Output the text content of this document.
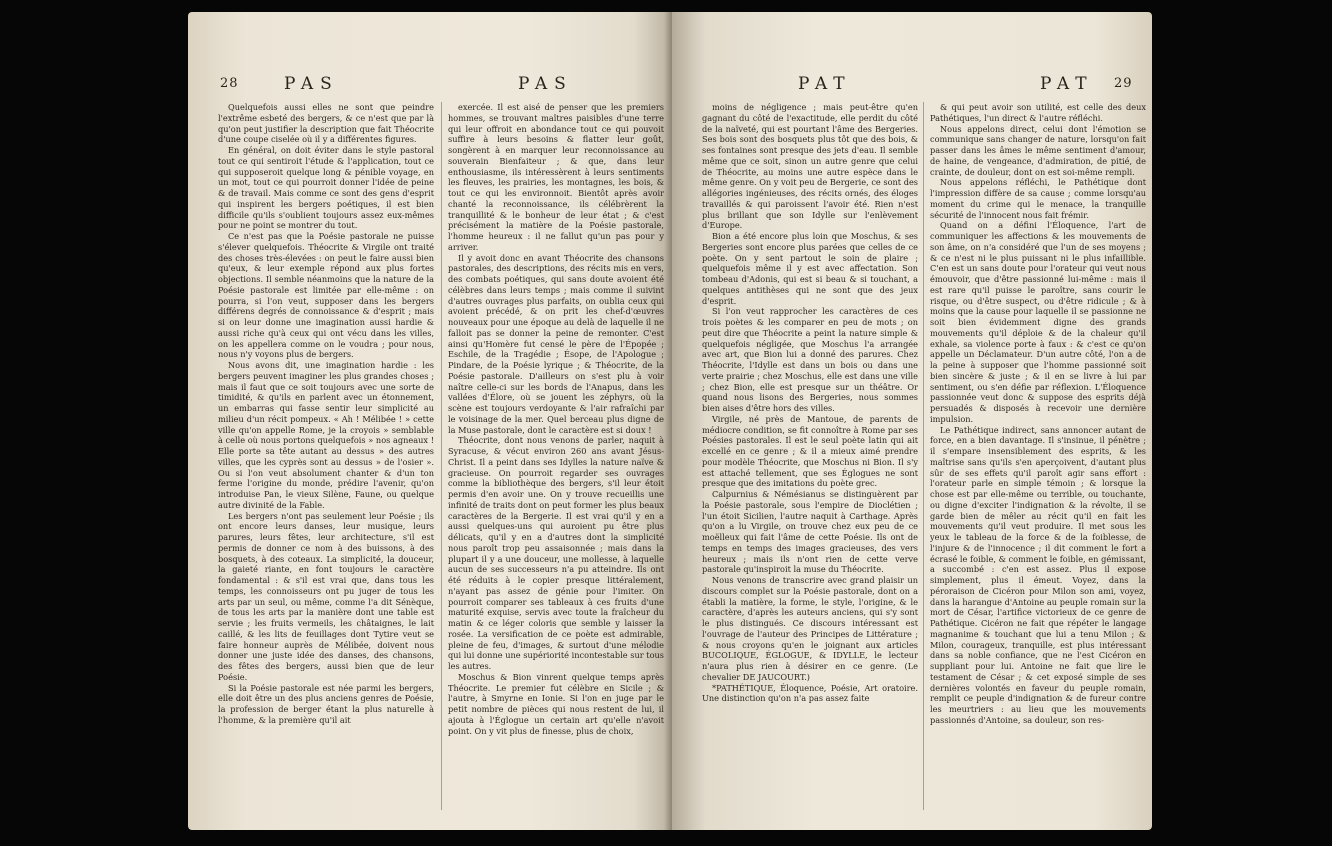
28	PAS	PAS

Quelquefois aussi elles ne sont que peindre l'extrême esbeté des bergers, & ce n'est que par là qu'on peut justifier la description que fait Théocrite d'une coupe ciselée où il y a différentes figures.

En général, on doit éviter dans le style pastoral tout ce qui sentiroit l'étude & l'application, tout ce qui supposeroit quelque long & pénible voyage, en un mot, tout ce qui pourroit donner l'idée de peine & de travail. Mais comme ce sont des gens d'esprit qui inspirent les bergers poétiques, il est bien difficile qu'ils s'oublient toujours assez eux-mêmes pour ne point se montrer du tout.

Ce n'est pas que la Poésie pastorale ne puisse s'élever quelquefois. Théocrite & Virgile ont traité des choses très-élevées : on peut le faire aussi bien qu'eux, & leur exemple répond aux plus fortes objections. Il semble néanmoins que la nature de la Poésie pastorale est limitée par elle-même : on pourra, si l'on veut, supposer dans les bergers différens degrés de connoissance & d'esprit ; mais si on leur donne une imagination aussi hardie & aussi riche qu'à ceux qui ont vécu dans les villes, on les appellera comme on le voudra ; pour nous, nous n'y voyons plus de bergers.

Nous avons dit, une imagination hardie : les bergers peuvent imaginer les plus grandes choses ; mais il faut que ce soit toujours avec une sorte de timidité, & qu'ils en parlent avec un étonnement, un embarras qui fasse sentir leur simplicité au milieu d'un récit pompeux. « Ah ! Mélibée ! » cette ville qu'on appelle Rome, je la croyois » semblable à celle où nous portons quelquefois » nos agneaux ! Elle porte sa tête autant au dessus » des autres villes, que les cyprès sont au dessus » de l'osier ». Ou si l'on veut absolument chanter & d'un ton ferme l'origine du monde, prédire l'avenir, qu'on introduise Pan, le vieux Silène, Faune, ou quelque autre divinité de la Fable.

Les bergers n'ont pas seulement leur Poésie ; ils ont encore leurs danses, leur musique, leurs parures, leurs fêtes, leur architecture, s'il est permis de donner ce nom à des buissons, à des bosquets, à des coteaux. La simplicité, la douceur, la gaieté riante, en font toujours le caractère fondamental : & s'il est vrai que, dans tous les temps, les connoisseurs ont pu juger de tous les arts par un seul, ou même, comme l'a dit Sénèque, de tous les arts par la manière dont une table est servie ; les fruits vermeils, les châtaignes, le lait caillé, & les lits de feuillages dont Tytire veut se faire honneur auprès de Mélibée, doivent nous donner une juste idée des danses, des chansons, des fêtes des bergers, aussi bien que de leur Poésie.

Si la Poésie pastorale est née parmi les bergers, elle doit être un des plus anciens genres de Poésie, la profession de berger étant la plus naturelle à l'homme, & la première qu'il ait

exercée. Il est aisé de penser que les premiers hommes, se trouvant maîtres paisibles d'une terre qui leur offroit en abondance tout ce qui pouvoit suffire à leurs besoins & flatter leur goût, songèrent à en marquer leur reconnoissance au souverain Bienfaiteur ; & que, dans leur enthousiasme, ils intéressèrent à leurs sentiments les fleuves, les prairies, les montagnes, les bois, & tout ce qui les environnoit. Bientôt après avoir chanté la reconnoissance, ils célébrèrent la tranquillité & le bonheur de leur état ; & c'est précisément la matière de la Poésie pastorale, l'homme heureux : il ne fallut qu'un pas pour y arriver.

Il y avoit donc en avant Théocrite des chansons pastorales, des descriptions, des récits mis en vers, des combats poétiques, qui sans doute avoient été célèbres dans leurs temps ; mais comme il suivint d'autres ouvrages plus parfaits, on oublia ceux qui avoient précédé, & on prit les chef-d'œuvres nouveaux pour une époque au delà de laquelle il ne falloit pas se donner la peine de remonter. C'est ainsi qu'Homère fut censé le père de l'Épopée ; Eschile, de la Tragédie ; Ésope, de l'Apologue ; Pindare, de la Poésie lyrique ; & Théocrite, de la Poésie pastorale. D'ailleurs on s'est plu à voir naître celle-ci sur les bords de l'Anapus, dans les vallées d'Élore, où se jouent les zéphyrs, où la scène est toujours verdoyante & l'air rafraîchi par le voisinage de la mer. Quel berceau plus digne de la Muse pastorale, dont le caractère est si doux !

Théocrite, dont nous venons de parler, naquit à Syracuse, & vécut environ 260 ans avant Jésus-Christ. Il a peint dans ses Idylles la nature naïve & gracieuse. On pourroit regarder ses ouvrages comme la bibliothèque des bergers, s'il leur étoit permis d'en avoir une. On y trouve recueillis une infinité de traits dont on peut former les plus beaux caractères de la Bergerie. Il est vrai qu'il y en a aussi quelques-uns qui auroient pu être plus délicats, qu'il y en a d'autres dont la simplicité nous paroît trop peu assaisonnée ; mais dans la plupart il y a une douceur, une mollesse, à laquelle aucun de ses successeurs n'a pu atteindre. Ils ont été réduits à le copier presque littéralement, n'ayant pas assez de génie pour l'imiter. On pourroit comparer ses tableaux à ces fruits d'une maturité exquise, servis avec toute la fraîcheur du matin & ce léger coloris que semble y laisser la rosée. La versification de ce poète est admirable, pleine de feu, d'images, & surtout d'une mélodie qui lui donne une supériorité incontestable sur tous les autres.

Moschus & Bion vinrent quelque temps après Théocrite. Le premier fut célèbre en Sicile ; & l'autre, à Smyrne en Ionie. Si l'on en juge par le petit nombre de pièces qui nous restent de lui, il ajouta à l'Églogue un certain art qu'elle n'avoit point. On y vit plus de finesse, plus de choix,

PAT	PAT 29

moins de négligence ; mais peut-être qu'en gagnant du côté de l'exactitude, elle perdit du côté de la naïveté, qui est pourtant l'âme des Bergeries. Ses bois sont des bosquets plus tôt que des bois, & ses fontaines sont presque des jets d'eau. Il semble même que ce soit, sinon un autre genre que celui de Théocrite, au moins une autre espèce dans le même genre. On y voit peu de Bergerie, ce sont des allégories ingénieuses, des récits ornés, des éloges travaillés & qui paroissent l'avoir été. Rien n'est plus brillant que son Idylle sur l'enlèvement d'Europe.

Bion a été encore plus loin que Moschus, & ses Bergeries sont encore plus parées que celles de ce poète. On y sent partout le soin de plaire ; quelquefois même il y est avec affectation. Son tombeau d'Adonis, qui est si beau & si touchant, a quelques antithèses qui ne sont que des jeux d'esprit.

Si l'on veut rapprocher les caractères de ces trois poètes & les comparer en peu de mots ; on peut dire que Théocrite a peint la nature simple & quelquefois négligée, que Moschus l'a arrangée avec art, que Bion lui a donné des parures. Chez Théocrite, l'Idylle est dans un bois ou dans une verte prairie ; chez Moschus, elle est dans une ville ; chez Bion, elle est presque sur un théâtre. Or quand nous lisons des Bergeries, nous sommes bien aises d'être hors des villes.

Virgile, né près de Mantoue, de parents de médiocre condition, se fit connoître à Rome par ses Poésies pastorales. Il est le seul poète latin qui ait excellé en ce genre ; & il a mieux aimé prendre pour modèle Théocrite, que Moschus ni Bion. Il s'y est attaché tellement, que ses Églogues ne sont presque que des imitations du poète grec.

Calpurnius & Némésianus se distinguèrent par la Poésie pastorale, sous l'empire de Dioclétien ; l'un étoit Sicilien, l'autre naquit à Carthage. Après qu'on a lu Virgile, on trouve chez eux peu de ce moëlleux qui fait l'âme de cette Poésie. Ils ont de temps en temps des images gracieuses, des vers heureux ; mais ils n'ont rien de cette verve pastorale qu'inspiroit la muse du Théocrite.

Nous venons de transcrire avec grand plaisir un discours complet sur la Poésie pastorale, dont on a établi la matière, la forme, le style, l'origine, & le caractère, d'après les auteurs anciens, qui s'y sont le plus distingués. Ce discours intéressant est l'ouvrage de l'auteur des Principes de Littérature ; & nous croyons qu'en le joignant aux articles BUCOLIQUE, ÉGLOGUE, & IDYLLE, le lecteur n'aura plus rien à désirer en ce genre. (Le chevalier DE JAUCOURT.)

*PATHÉTIQUE, Éloquence, Poésie, Art oratoire. Une distinction qu'on n'a pas assez faite

& qui peut avoir son utilité, est celle des deux Pathétiques, l'un direct & l'autre réfléchi.

Nous appelons direct, celui dont l'émotion se communique sans changer de nature, lorsqu'on fait passer dans les âmes le même sentiment d'amour, de haine, de vengeance, d'admiration, de pitié, de crainte, de douleur, dont on est soi-même rempli.

Nous appelons réfléchi, le Pathétique dont l'impression diffère de sa cause ; comme lorsqu'au moment du crime qui le menace, la tranquille sécurité de l'innocent nous fait frémir.

Quand on a défini l'Éloquence, l'art de communiquer les affections & les mouvements de son âme, on n'a considéré que l'un de ses moyens ; & ce n'est ni le plus puissant ni le plus infaillible. C'en est un sans doute pour l'orateur qui veut nous émouvoir, que d'être passionné lui-même : mais il est rare qu'il puisse le paroître, sans courir le risque, ou d'être suspect, ou d'être ridicule ; & à moins que la cause pour laquelle il se passionne ne soit bien évidemment digne des grands mouvements qu'il déploie & de la chaleur qu'il exhale, sa violence porte à faux : & c'est ce qu'on appelle un Déclamateur. D'un autre côté, l'on a de la peine à supposer que l'homme passionné soit bien sincère & juste ; & il en se livre à lui par sentiment, ou s'en défie par réflexion. L'Éloquence passionnée veut donc & suppose des esprits déjà persuadés & disposés à recevoir une dernière impulsion.

Le Pathétique indirect, sans annoncer autant de force, en a bien davantage. Il s'insinue, il pénètre ; il s'empare insensiblement des esprits, & les maîtrise sans qu'ils s'en aperçoivent, d'autant plus sûr de ses effets qu'il paroît agir sans effort : l'orateur parle en simple témoin ; & lorsque la chose est par elle-même ou terrible, ou touchante, ou digne d'exciter l'indignation & la révolte, il se garde bien de mêler au récit qu'il en fait les mouvements qu'il veut produire. Il met sous les yeux le tableau de la force & de la foiblesse, de l'injure & de l'innocence ; il dit comment le fort a écrasé le foible, & comment le foible, en gémissant, a succombé : c'en est assez. Plus il expose simplement, plus il émeut. Voyez, dans la péroraison de Cicéron pour Milon son ami, voyez, dans la harangue d'Antoine au peuple romain sur la mort de César, l'artifice victorieux de ce genre de Pathétique. Cicéron ne fait que répéter le langage magnanime & touchant que lui a tenu Milon ; & Milon, courageux, tranquille, est plus intéressant dans sa noble confiance, que ne l'est Cicéron en suppliant pour lui. Antoine ne fait que lire le testament de César ; & cet exposé simple de ses dernières volontés en faveur du peuple romain, remplit ce peuple d'indignation & de fureur contre les meurtriers : au lieu que les mouvements passionnés d'Antoine, sa douleur, son res-
